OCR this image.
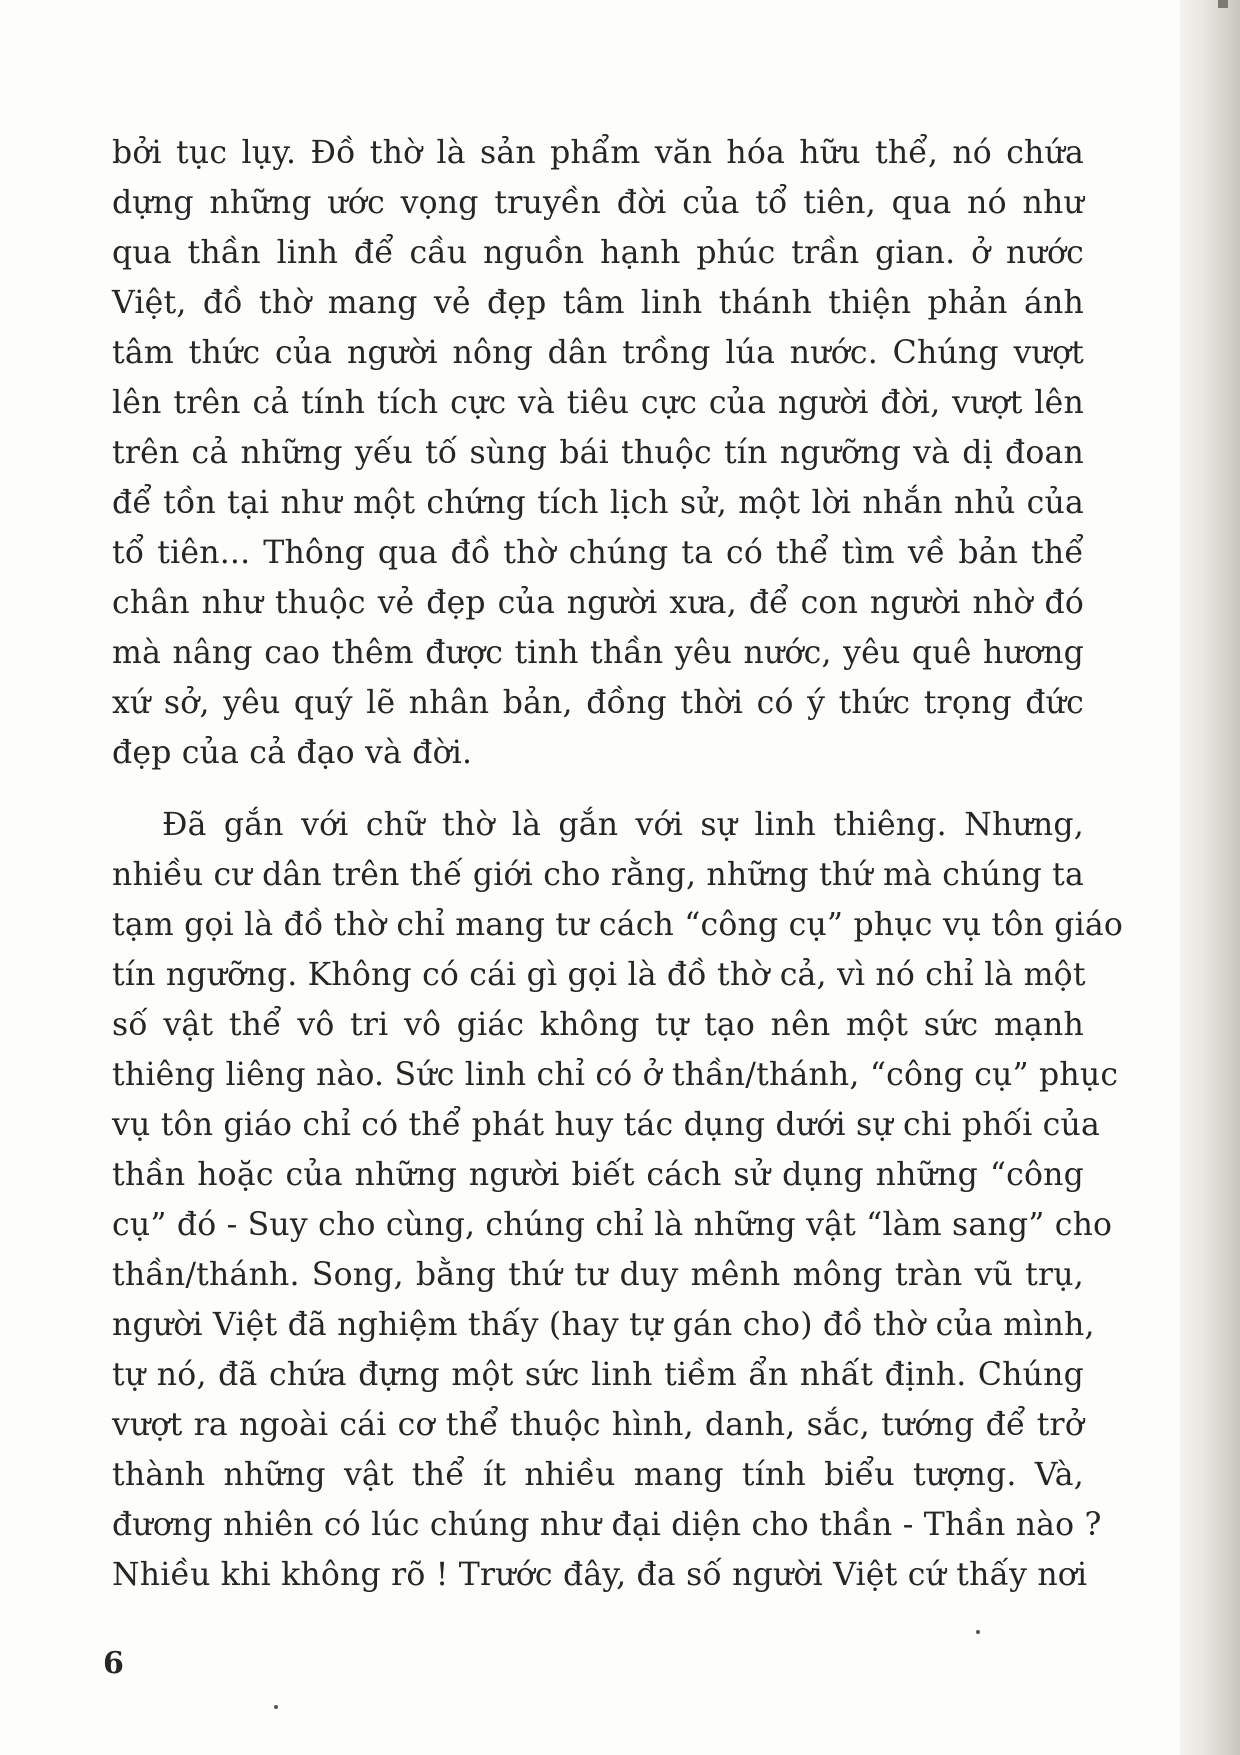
bởi tục lụy. Đồ thờ là sản phẩm văn hóa hữu thể, nó chứa
dựng những ước vọng truyền đời của tổ tiên, qua nó như
qua thần linh để cầu nguồn hạnh phúc trần gian. ở nước
Việt, đồ thờ mang vẻ đẹp tâm linh thánh thiện phản ánh
tâm thức của người nông dân trồng lúa nước. Chúng vượt
lên trên cả tính tích cực và tiêu cực của người đời, vượt lên
trên cả những yếu tố sùng bái thuộc tín ngưỡng và dị đoan
để tồn tại như một chứng tích lịch sử, một lời nhắn nhủ của
tổ tiên... Thông qua đồ thờ chúng ta có thể tìm về bản thể
chân như thuộc vẻ đẹp của người xưa, để con người nhờ đó
mà nâng cao thêm được tinh thần yêu nước, yêu quê hương
xứ sở, yêu quý lẽ nhân bản, đồng thời có ý thức trọng đức
đẹp của cả đạo và đời.

Đã gắn với chữ thờ là gắn với sự linh thiêng. Nhưng,
nhiều cư dân trên thế giới cho rằng, những thứ mà chúng ta
tạm gọi là đồ thờ chỉ mang tư cách “công cụ” phục vụ tôn giáo
tín ngưỡng. Không có cái gì gọi là đồ thờ cả, vì nó chỉ là một
số vật thể vô tri vô giác không tự tạo nên một sức mạnh
thiêng liêng nào. Sức linh chỉ có ở thần/thánh, “công cụ” phục
vụ tôn giáo chỉ có thể phát huy tác dụng dưới sự chi phối của
thần hoặc của những người biết cách sử dụng những “công
cụ” đó - Suy cho cùng, chúng chỉ là những vật “làm sang” cho
thần/thánh. Song, bằng thứ tư duy mênh mông tràn vũ trụ,
người Việt đã nghiệm thấy (hay tự gán cho) đồ thờ của mình,
tự nó, đã chứa đựng một sức linh tiềm ẩn nhất định. Chúng
vượt ra ngoài cái cơ thể thuộc hình, danh, sắc, tướng để trở
thành những vật thể ít nhiều mang tính biểu tượng. Và,
đương nhiên có lúc chúng như đại diện cho thần - Thần nào ?
Nhiều khi không rõ ! Trước đây, đa số người Việt cứ thấy nơi

6
